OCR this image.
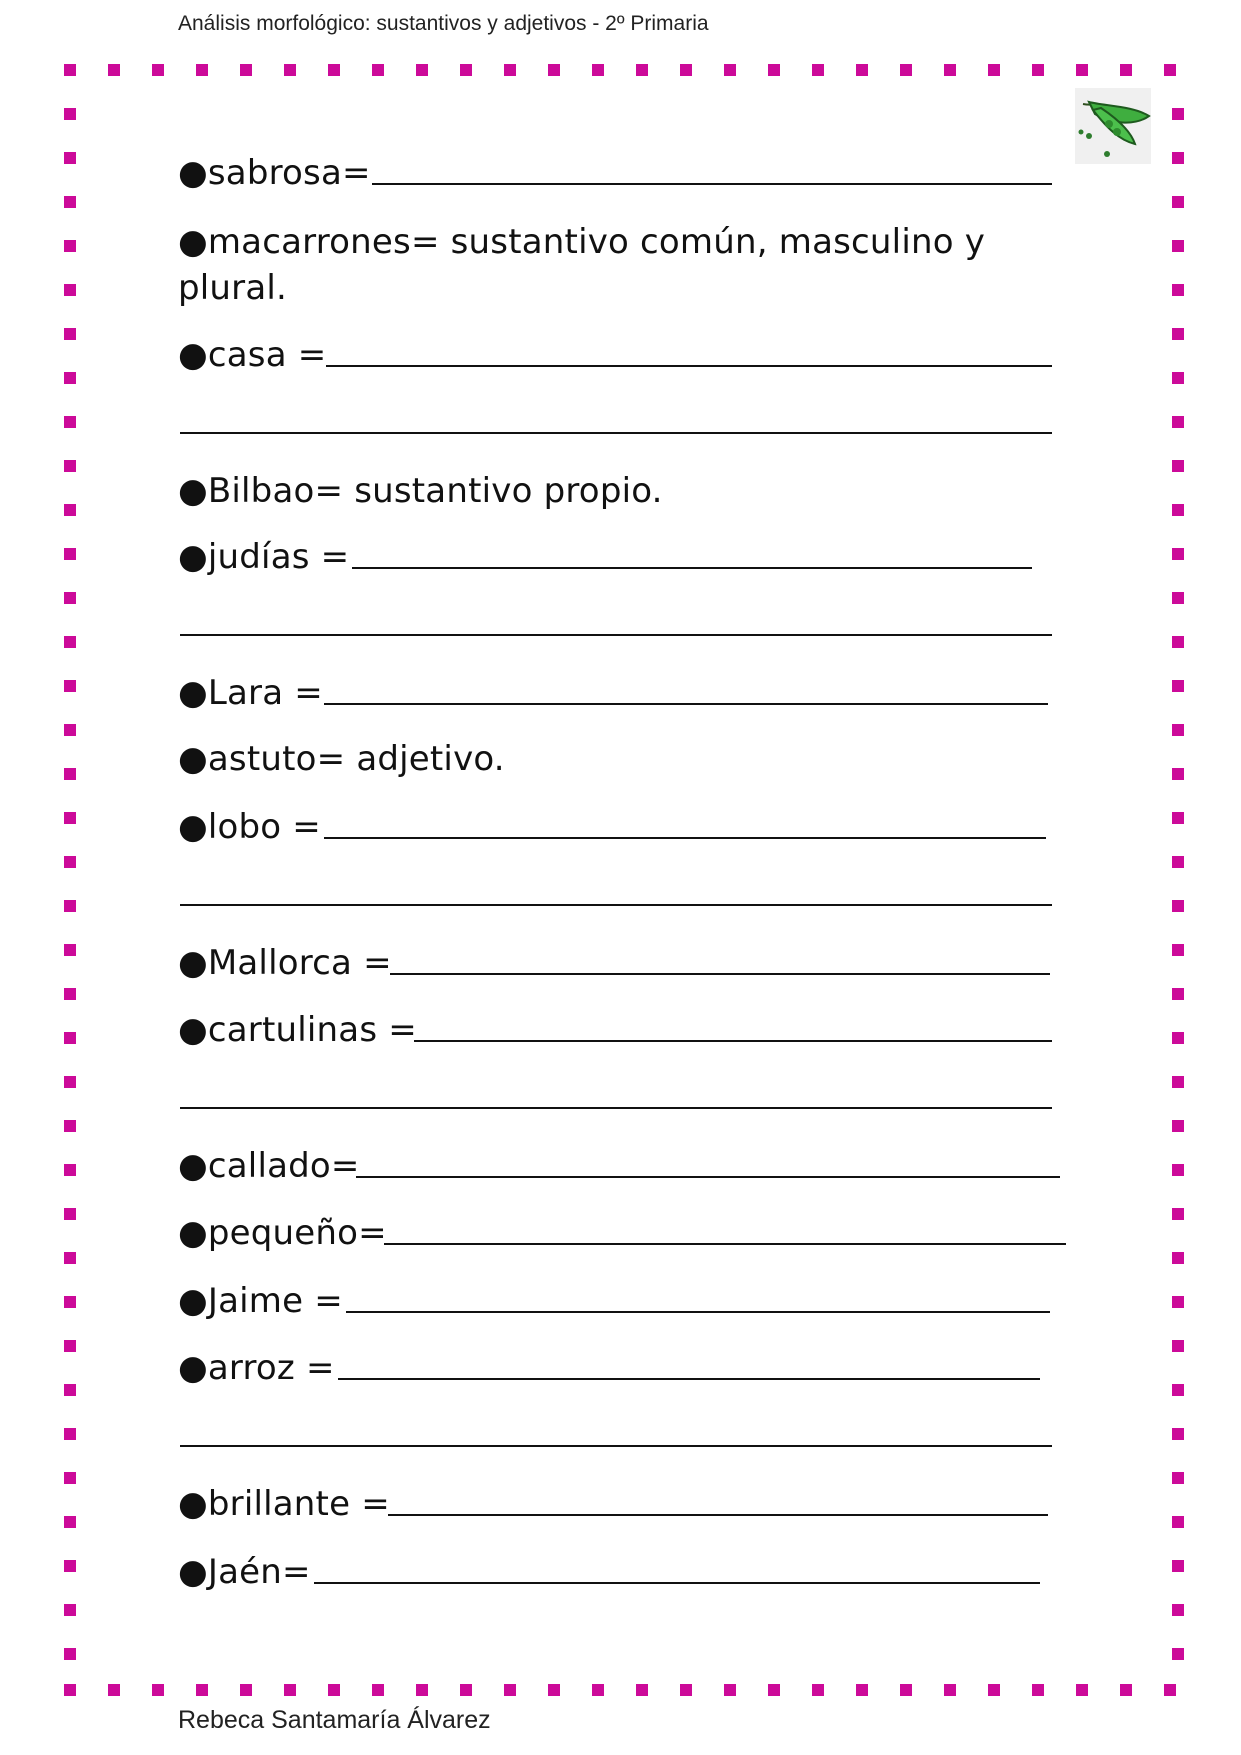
Análisis morfológico: sustantivos y adjetivos - 2º Primaria
●sabrosa=
●macarrones= sustantivo común, masculino y plural.
●casa =
●Bilbao= sustantivo propio.
●judías =
●Lara =
●astuto= adjetivo.
●lobo =
●Mallorca =
●cartulinas =
●callado=
●pequeño=
●Jaime =
●arroz =
●brillante =
●Jaén=
Rebeca Santamaría Álvarez
